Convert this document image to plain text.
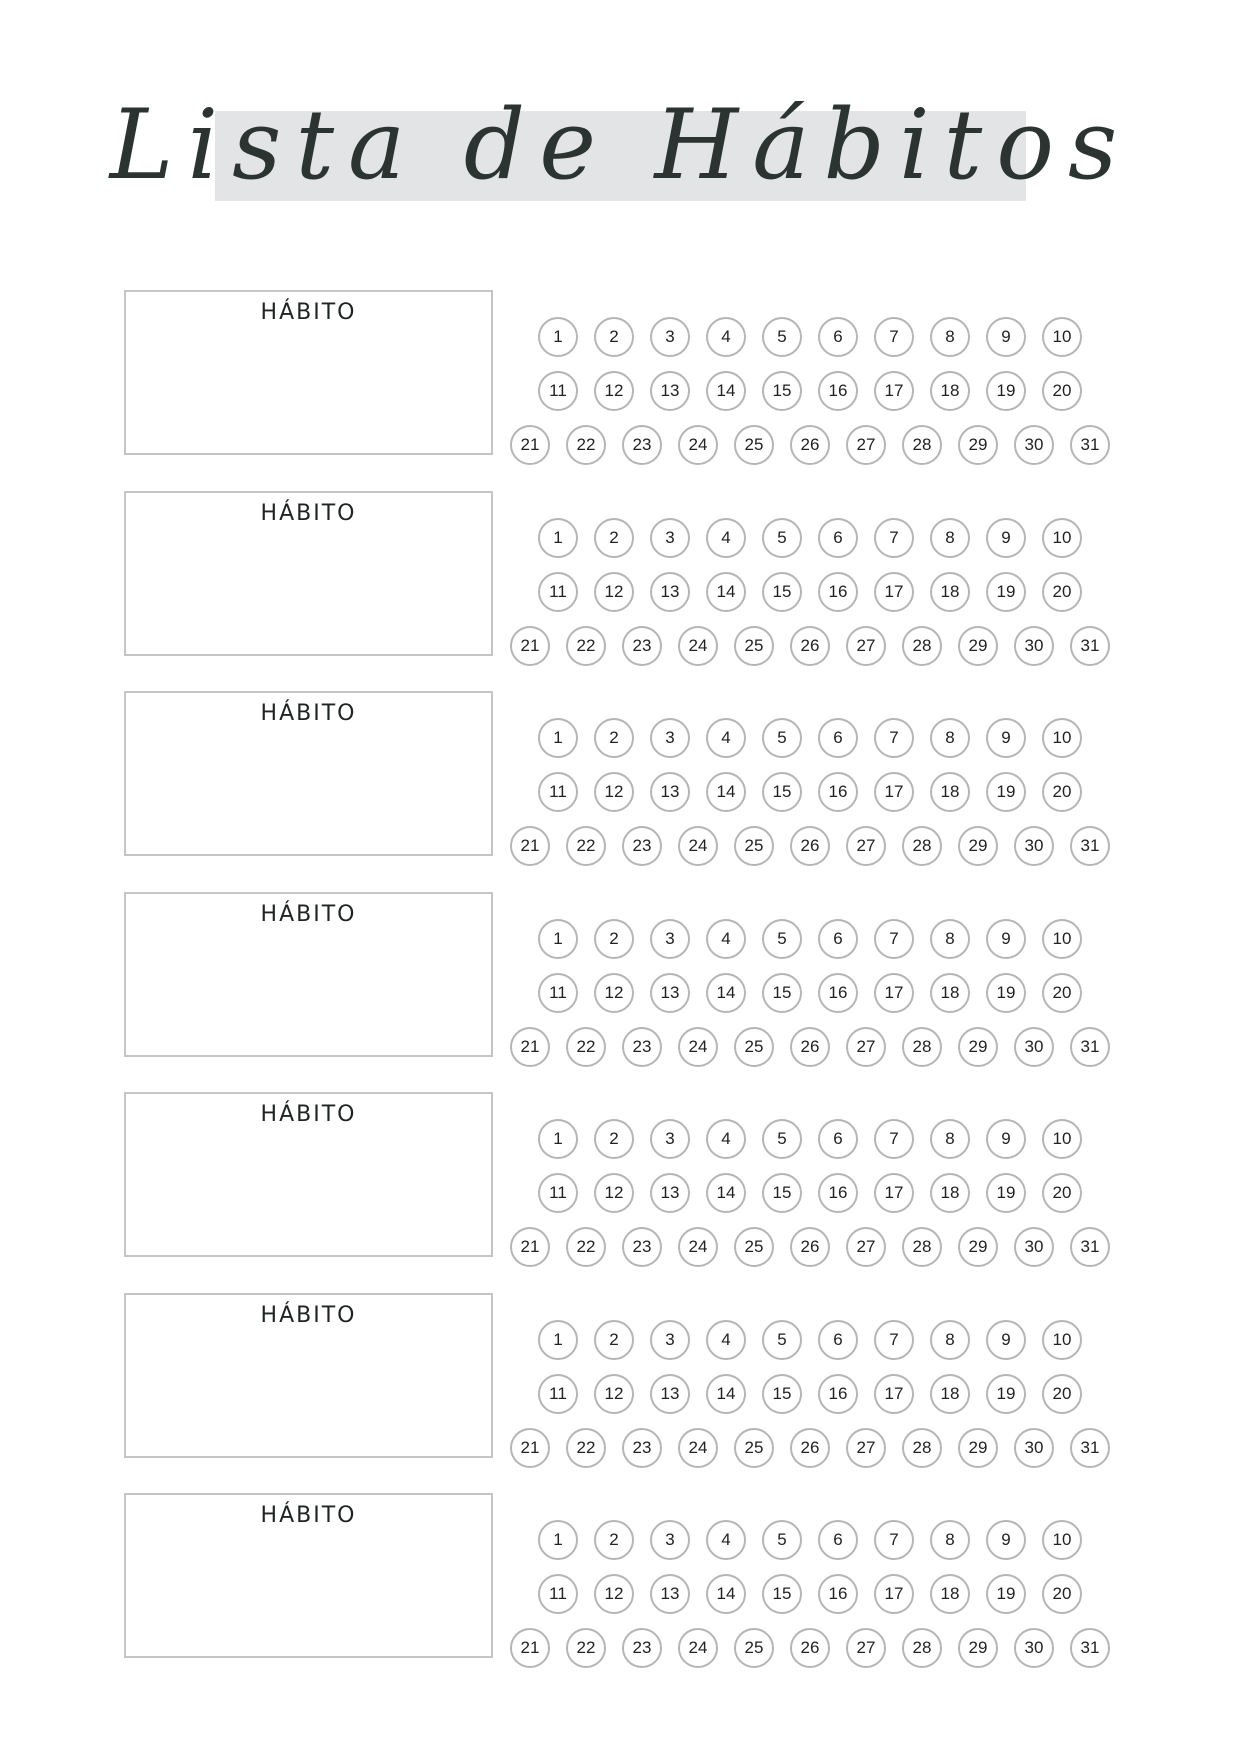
Lista de Hábitos
HÁBITO
1	2	3	4	5	6	7	8	9	10
11	12	13	14	15	16	17	18	19	20
21	22	23	24	25	26	27	28	29	30	31
HÁBITO
1	2	3	4	5	6	7	8	9	10
11	12	13	14	15	16	17	18	19	20
21	22	23	24	25	26	27	28	29	30	31
HÁBITO
1	2	3	4	5	6	7	8	9	10
11	12	13	14	15	16	17	18	19	20
21	22	23	24	25	26	27	28	29	30	31
HÁBITO
1	2	3	4	5	6	7	8	9	10
11	12	13	14	15	16	17	18	19	20
21	22	23	24	25	26	27	28	29	30	31
HÁBITO
1	2	3	4	5	6	7	8	9	10
11	12	13	14	15	16	17	18	19	20
21	22	23	24	25	26	27	28	29	30	31
HÁBITO
1	2	3	4	5	6	7	8	9	10
11	12	13	14	15	16	17	18	19	20
21	22	23	24	25	26	27	28	29	30	31
HÁBITO
1	2	3	4	5	6	7	8	9	10
11	12	13	14	15	16	17	18	19	20
21	22	23	24	25	26	27	28	29	30	31
